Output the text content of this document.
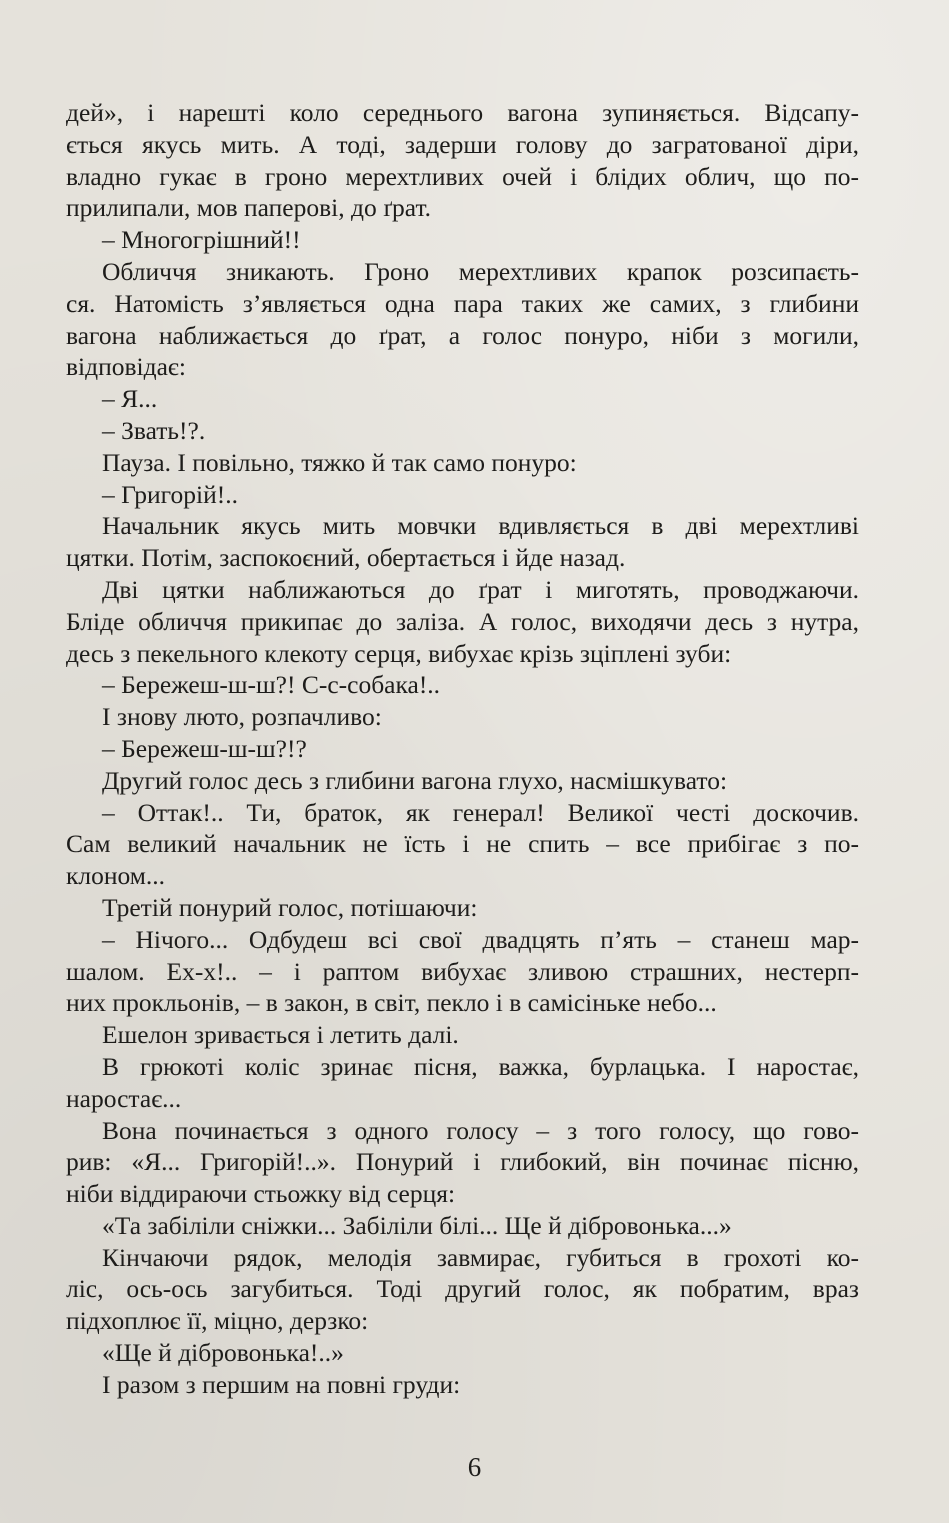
дей», і нарешті коло середнього вагона зупиняється. Відсапу-
ється якусь мить. А тоді, задерши голову до загратованої діри,
владно гукає в гроно мерехтливих очей і блідих облич, що по-
прилипали, мов паперові, до ґрат.
– Многогрішний!!
Обличчя зникають. Гроно мерехтливих крапок розсипаєть-
ся. Натомість з’являється одна пара таких же самих, з глибини
вагона наближається до ґрат, а голос понуро, ніби з могили,
відповідає:
– Я...
– Звать!?.
Пауза. І повільно, тяжко й так само понуро:
– Григорій!..
Начальник якусь мить мовчки вдивляється в дві мерехтливі
цятки. Потім, заспокоєний, обертається і йде назад.
Дві цятки наближаються до ґрат і миготять, проводжаючи.
Бліде обличчя прикипає до заліза. А голос, виходячи десь з нутра,
десь з пекельного клекоту серця, вибухає крізь зціплені зуби:
– Бережеш-ш-ш?! С-с-собака!..
І знову люто, розпачливо:
– Бережеш-ш-ш?!?
Другий голос десь з глибини вагона глухо, насмішкувато:
– Оттак!.. Ти, браток, як генерал! Великої честі доскочив.
Сам великий начальник не їсть і не спить – все прибігає з по-
клоном...
Третій понурий голос, потішаючи:
– Нічого... Одбудеш всі свої двадцять п’ять – станеш мар-
шалом. Ех-х!.. – і раптом вибухає зливою страшних, нестерп-
них прокльонів, – в закон, в світ, пекло і в самісіньке небо...
Ешелон зривається і летить далі.
В грюкоті коліс зринає пісня, важка, бурлацька. І наростає,
наростає...
Вона починається з одного голосу – з того голосу, що гово-
рив: «Я... Григорій!..». Понурий і глибокий, він починає пісню,
ніби віддираючи стьожку від серця:
«Та забіліли сніжки... Забіліли білі... Ще й дібровонька...»
Кінчаючи рядок, мелодія завмирає, губиться в грохоті ко-
ліс, ось-ось загубиться. Тоді другий голос, як побратим, враз
підхоплює її, міцно, дерзко:
«Ще й дібровонька!..»
І разом з першим на повні груди:
6
